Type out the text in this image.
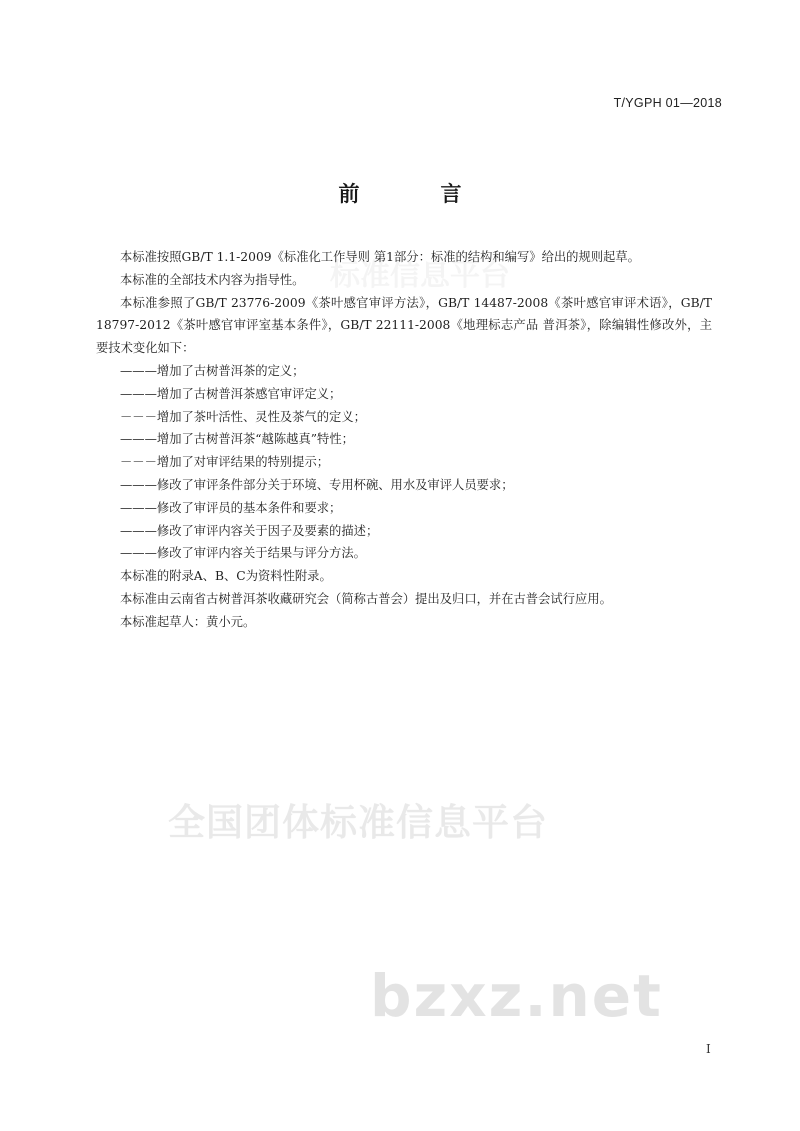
T/YGPH 01—2018
前　言
标准信息平台

本标准按照GB/T 1.1-2009《标准化工作导则 第1部分：标准的结构和编写》给出的规则起草。

本标准的全部技术内容为指导性。

本标准参照了GB/T 23776-2009《茶叶感官审评方法》，GB/T 14487-2008《茶叶感官审评术语》，GB/T 18797-2012《茶叶感官审评室基本条件》，GB/T 22111-2008《地理标志产品 普洱茶》，除编辑性修改外，主要技术变化如下：

———增加了古树普洱茶的定义；

———增加了古树普洱茶感官审评定义；

－－－增加了茶叶活性、灵性及茶气的定义；

———增加了古树普洱茶“越陈越真”特性；

－－－增加了对审评结果的特别提示；

———修改了审评条件部分关于环境、专用杯碗、用水及审评人员要求；

———修改了审评员的基本条件和要求；

———修改了审评内容关于因子及要素的描述；

———修改了审评内容关于结果与评分方法。

本标准的附录A、B、C为资料性附录。

本标准由云南省古树普洱茶收藏研究会（简称古普会）提出及归口，并在古普会试行应用。

本标准起草人：黄小元。

全国团体标准信息平台
bzxz.net
I
